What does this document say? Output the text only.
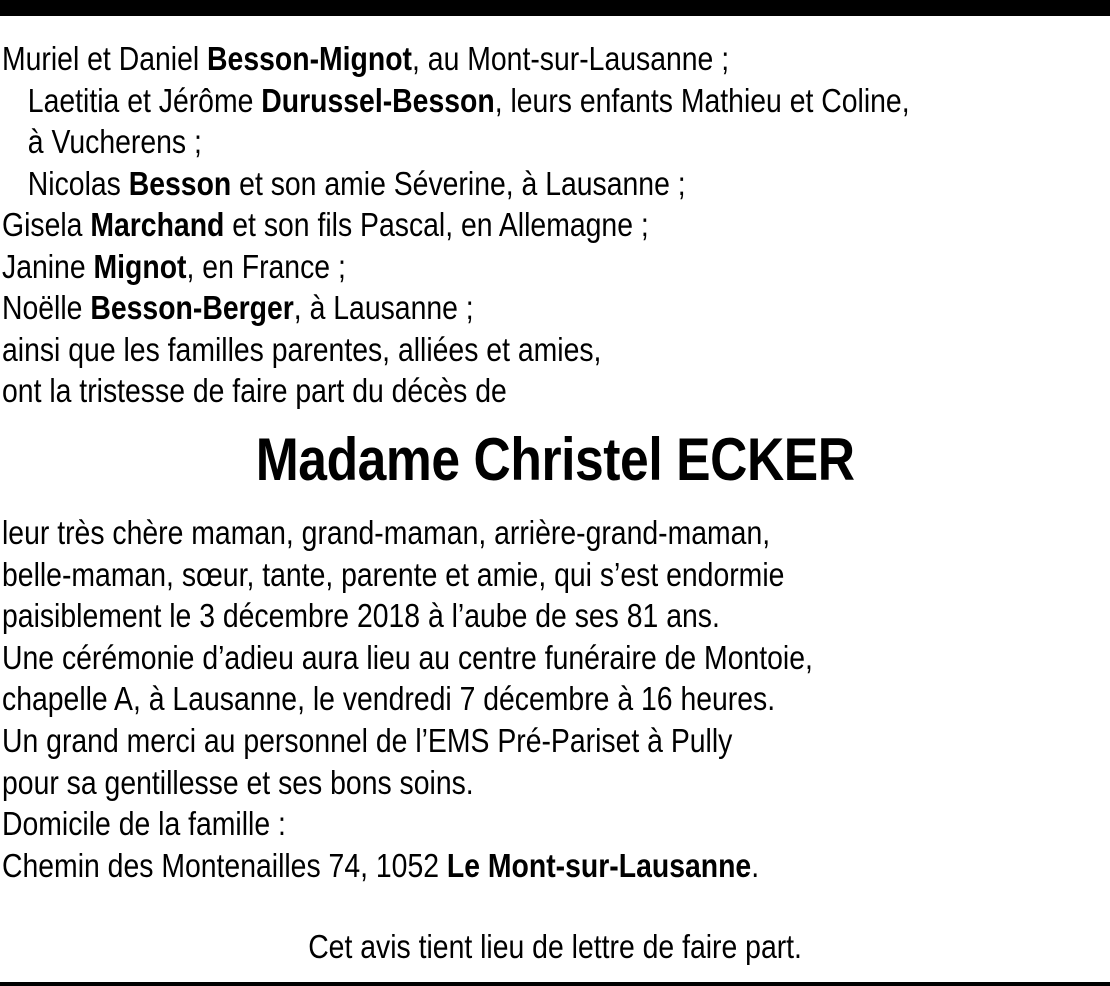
Muriel et Daniel Besson-Mignot, au Mont-sur-Lausanne ;
Laetitia et Jérôme Durussel-Besson, leurs enfants Mathieu et Coline,
à Vucherens ;
Nicolas Besson et son amie Séverine, à Lausanne ;
Gisela Marchand et son fils Pascal, en Allemagne ;
Janine Mignot, en France ;
Noëlle Besson-Berger, à Lausanne ;
ainsi que les familles parentes, alliées et amies,
ont la tristesse de faire part du décès de
Madame Christel ECKER
leur très chère maman, grand-maman, arrière-grand-maman,
belle-maman, sœur, tante, parente et amie, qui s’est endormie
paisiblement le 3 décembre 2018 à l’aube de ses 81 ans.
Une cérémonie d’adieu aura lieu au centre funéraire de Montoie,
chapelle A, à Lausanne, le vendredi 7 décembre à 16 heures.
Un grand merci au personnel de l’EMS Pré-Pariset à Pully
pour sa gentillesse et ses bons soins.
Domicile de la famille :
Chemin des Montenailles 74, 1052 Le Mont-sur-Lausanne.
Cet avis tient lieu de lettre de faire part.
